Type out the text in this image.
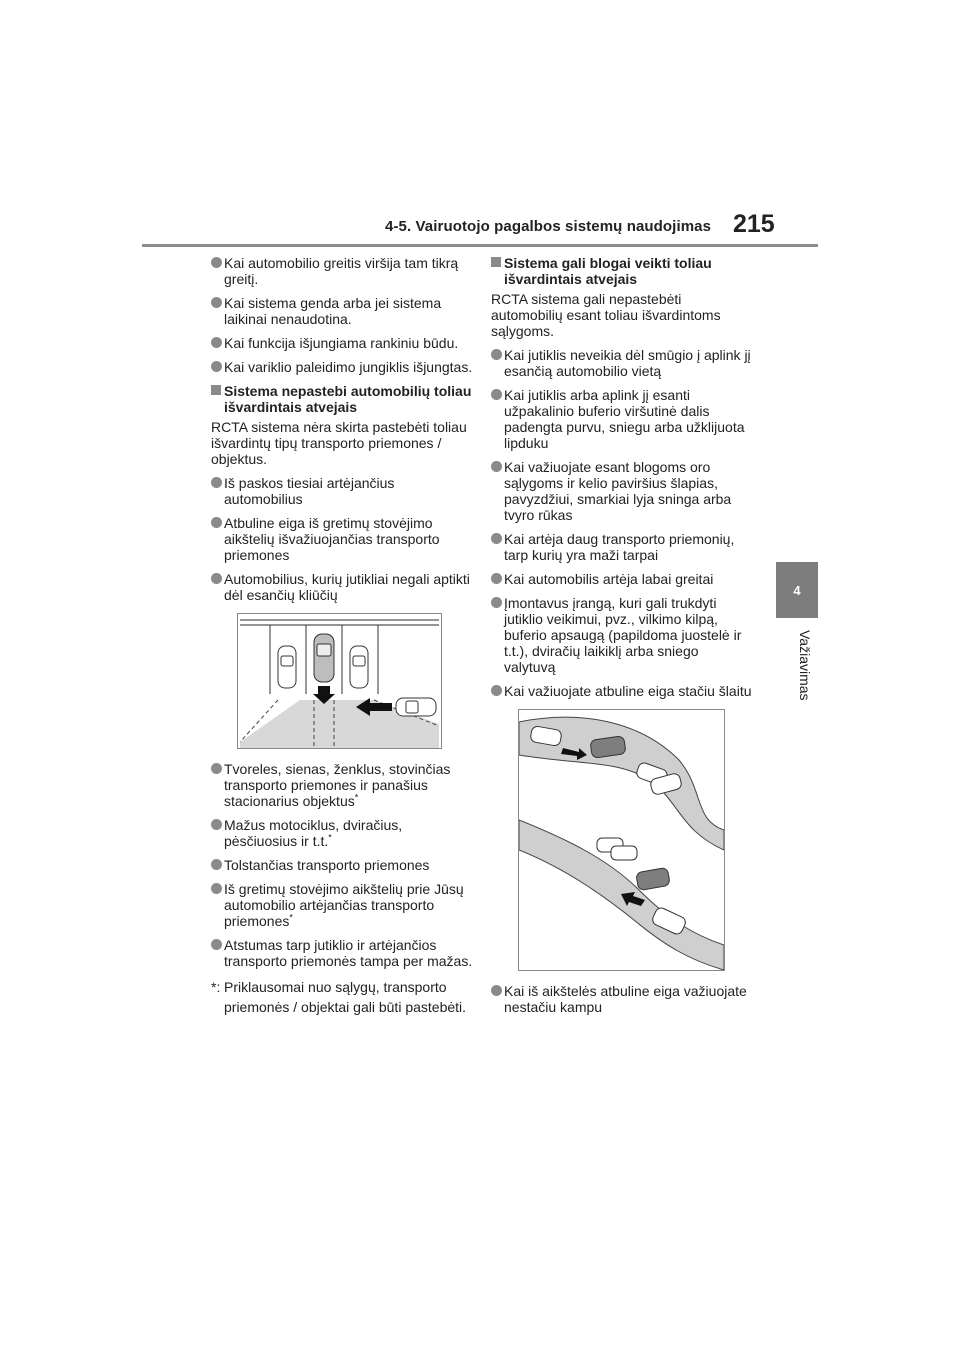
4-5. Vairuotojo pagalbos sistemų naudojimas 215
4
Važiavimas
Kai automobilio greitis viršija tam tikrą greitį.
Kai sistema genda arba jei sistema laikinai nenaudotina.
Kai funkcija išjungiama rankiniu būdu.
Kai variklio paleidimo jungiklis išjungtas.
Sistema nepastebi automobilių toliau išvardintais atvejais
RCTA sistema nėra skirta pastebėti toliau išvardintų tipų transporto priemones / objektus.
Iš paskos tiesiai artėjančius automobilius
Atbuline eiga iš gretimų stovėjimo aikštelių išvažiuojančias transporto priemones
Automobilius, kurių jutikliai negali aptikti dėl esančių kliūčių
Tvoreles, sienas, ženklus, stovinčias transporto priemones ir panašius stacionarius objektus*
Mažus motociklus, dviračius, pėsčiuosius ir t.t.*
Tolstančias transporto priemones
Iš gretimų stovėjimo aikštelių prie Jūsų automobilio artėjančias transporto priemones*
Atstumas tarp jutiklio ir artėjančios transporto priemonės tampa per mažas.
*: Priklausomai nuo sąlygų, transporto priemonės / objektai gali būti pastebėti.
Sistema gali blogai veikti toliau išvardintais atvejais
RCTA sistema gali nepastebėti automobilių esant toliau išvardintoms sąlygoms.
Kai jutiklis neveikia dėl smūgio į aplink jį esančią automobilio vietą
Kai jutiklis arba aplink jį esanti užpakalinio buferio viršutinė dalis padengta purvu, sniegu arba užklijuota lipduku
Kai važiuojate esant blogoms oro sąlygoms ir kelio paviršius šlapias, pavyzdžiui, smarkiai lyja sninga arba tvyro rūkas
Kai artėja daug transporto priemonių, tarp kurių yra maži tarpai
Kai automobilis artėja labai greitai
Įmontavus įrangą, kuri gali trukdyti jutiklio veikimui, pvz., vilkimo kilpą, buferio apsaugą (papildoma juostelė ir t.t.), dviračių laikiklį arba sniego valytuvą
Kai važiuojate atbuline eiga stačiu šlaitu
Kai iš aikštelės atbuline eiga važiuojate nestačiu kampu
